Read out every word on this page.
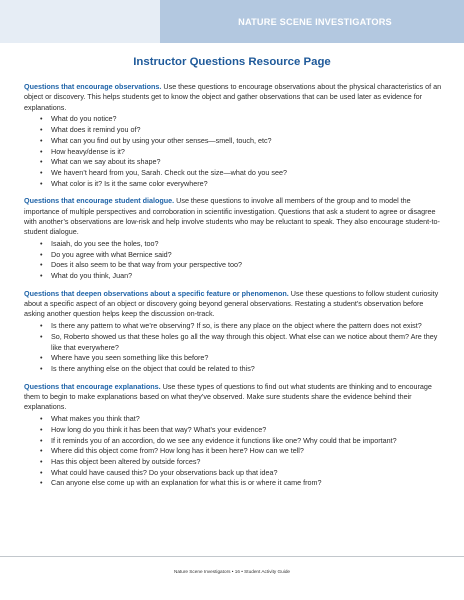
NATURE SCENE INVESTIGATORS
Instructor Questions Resource Page

Questions that encourage observations. Use these questions to encourage observations about the physical characteristics of an object or discovery. This helps students get to know the object and gather observations that can be used later as evidence for explanations.

• What do you notice?
• What does it remind you of?
• What can you find out by using your other senses—smell, touch, etc?
• How heavy/dense is it?
• What can we say about its shape?
• We haven’t heard from you, Sarah. Check out the size—what do you see?
• What color is it? Is it the same color everywhere?

Questions that encourage student dialogue. Use these questions to involve all members of the group and to model the importance of multiple perspectives and corroboration in scientific investigation. Questions that ask a student to agree or disagree with another’s observations are low-risk and help involve students who may be reluctant to speak. They also encourage student-to-student dialogue.

• Isaiah, do you see the holes, too?
• Do you agree with what Bernice said?
• Does it also seem to be that way from your perspective too?
• What do you think, Juan?

Questions that deepen observations about a specific feature or phenomenon. Use these questions to follow student curiosity about a specific aspect of an object or discovery going beyond general observations. Restating a student’s observation before asking another question helps keep the discussion on-track.

• Is there any pattern to what we’re observing? If so, is there any place on the object where the pattern does not exist?
• So, Roberto showed us that these holes go all the way through this object. What else can we notice about them? Are they like that everywhere?
• Where have you seen something like this before?
• Is there anything else on the object that could be related to this?

Questions that encourage explanations. Use these types of questions to find out what students are thinking and to encourage them to begin to make explanations based on what they’ve observed. Make sure students share the evidence behind their explanations.

• What makes you think that?
• How long do you think it has been that way? What’s your evidence?
• If it reminds you of an accordion, do we see any evidence it functions like one? Why could that be important?
• Where did this object come from? How long has it been here? How can we tell?
• Has this object been altered by outside forces?
• What could have caused this? Do your observations back up that idea?
• Can anyone else come up with an explanation for what this is or where it came from?
Nature Scene Investigators • 16 • Student Activity Guide
